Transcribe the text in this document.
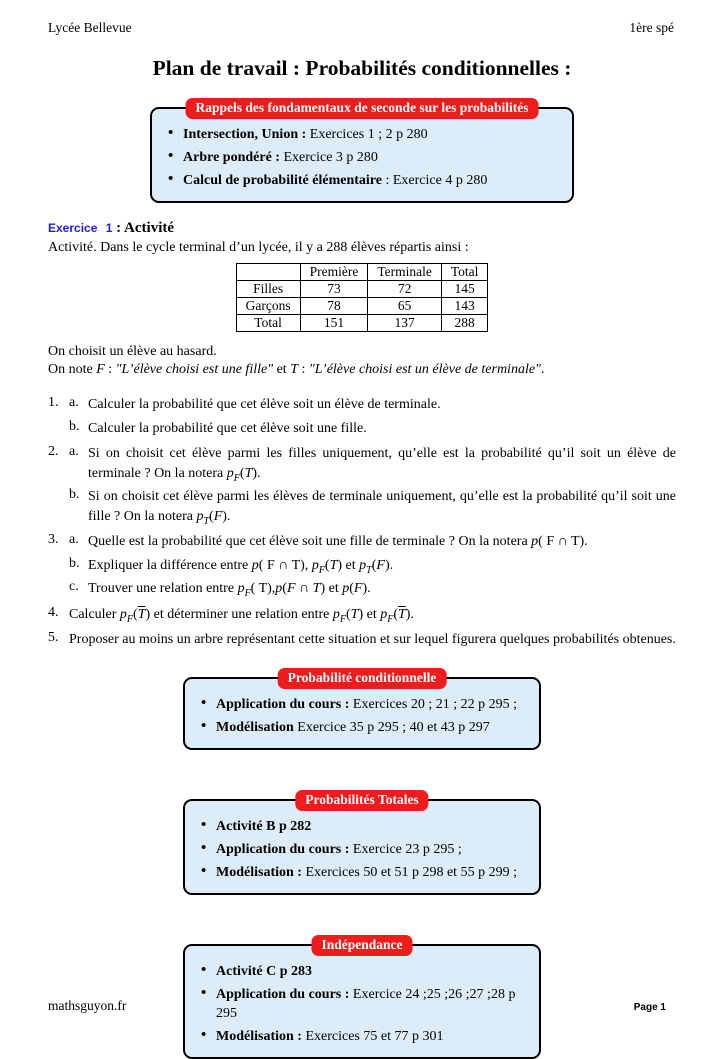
Lycée Bellevue	1ère spé
Plan de travail : Probabilités conditionnelles :
Rappels des fondamentaux de seconde sur les probabilités
• Intersection, Union : Exercices 1 ; 2 p 280
• Arbre pondéré : Exercice 3 p 280
• Calcul de probabilité élémentaire : Exercice 4 p 280
Exercice 1 : Activité
Activité. Dans le cycle terminal d’un lycée, il y a 288 élèves répartis ainsi :
	Première	Terminale	Total
Filles	73	72	145
Garçons	78	65	143
Total	151	137	288
On choisit un élève au hasard.
On note F : "L’élève choisi est une fille" et T : "L’élève choisi est un élève de terminale".
1. a. Calculer la probabilité que cet élève soit un élève de terminale.
b. Calculer la probabilité que cet élève soit une fille.
2. a. Si on choisit cet élève parmi les filles uniquement, qu’elle est la probabilité qu’il soit un élève de terminale ? On la notera $p_F(T)$.
b. Si on choisit cet élève parmi les élèves de terminale uniquement, qu’elle est la probabilité qu’il soit une fille ? On la notera $p_T(F)$.
3. a. Quelle est la probabilité que cet élève soit une fille de terminale ? On la notera p( F ∩ T).
b. Expliquer la différence entre p( F ∩ T), $p_F(T)$ et $p_T(F)$.
c. Trouver une relation entre $p_F$( T),p(F ∩ T) et p(F).
4. Calculer $p_F(\overline{T})$ et déterminer une relation entre $p_F(T)$ et $p_F(\overline{T})$.
5. Proposer au moins un arbre représentant cette situation et sur lequel figurera quelques probabilités obtenues.
Probabilité conditionnelle
• Application du cours : Exercices 20 ; 21 ; 22 p 295 ;
• Modélisation Exercice 35 p 295 ; 40 et 43 p 297
Probabilités Totales
• Activité B p 282
• Application du cours : Exercice 23 p 295 ;
• Modélisation : Exercices 50 et 51 p 298 et 55 p 299 ;
Indépendance
• Activité C p 283
• Application du cours : Exercice 24 ;25 ;26 ;27 ;28 p 295
• Modélisation : Exercices 75 et 77 p 301
mathsguyon.fr	Page 1
